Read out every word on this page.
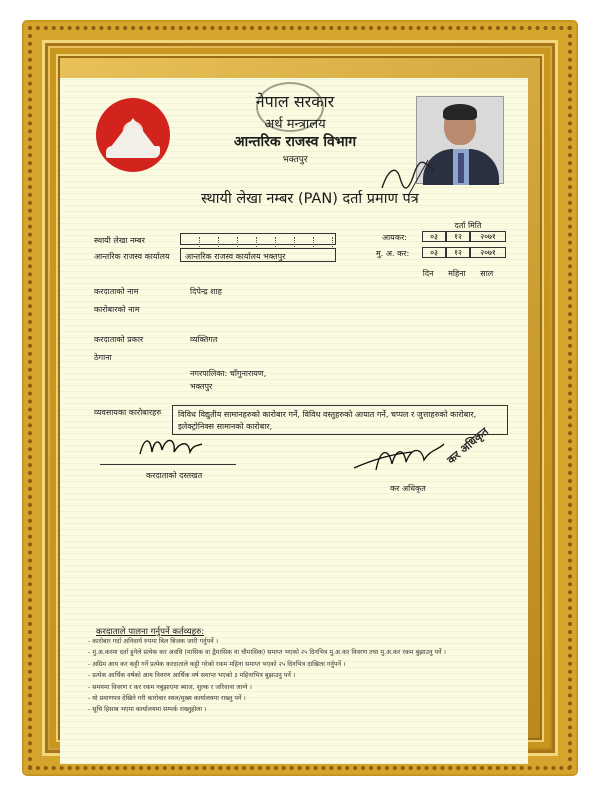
नेपाल सरकार
अर्थ मन्त्रालय
आन्तरिक राजस्व विभाग
भक्तपुर
स्थायी लेखा नम्बर (PAN) दर्ता प्रमाण पत्र
स्थायी लेखा नम्बर
आन्तरिक राजस्व कार्यालय	आन्तरिक राजस्व कार्यालय भक्तपुर
दर्ता मिति
आयकर:	०३	१२	२०७१
मु. अ. कर:	०३	१२	२०७१
दिन महिना साल
करदाताको नाम	दिपेन्द्र शाह
कारोबारको नाम
करदाताको प्रकार	व्यक्तिगत
ठेगाना
नगरपालिका: चाँगुनारायण,
भक्तपुर
व्यवसायका कारोबारहरु	विविध विद्युतीय सामानहरुको कारोबार गर्ने, विविध वस्तुहरुको आयात गर्ने, चप्पल र जुत्ताहरुको कारोबार, इलेक्ट्रोनिक्स सामानको कारोबार,
करदाताको दस्तखत
कर अधिकृत
कर अधिकृत
करदाताले पालना गर्नुपर्ने कर्तव्यहरु:
- कारोबार गर्दा अनिवार्य रुपमा बिल बिजक जारी गर्नुपर्ने ।
- मु.अ.करमा दर्ता हुनेले प्रत्येक कर अवधि (मासिक वा द्वैमासिक वा चौमासिक) समाप्त भएको २५ दिनभित्र मु.अ.कर विवरण तथा मु.अ.कर रकम बुझाउनु पर्ने ।
- अग्रिम आय कर कट्टी गर्ने प्रत्येक करदाताले कट्टी गरेको रकम महिना समाप्त भएको २५ दिनभित्र दाखिला गर्नुपर्ने ।
- प्रत्येक आर्थिक वर्षको आय विवरण आर्थिक वर्ष समाप्त भएको ३ महिनाभित्र बुझाउनु पर्ने ।
- समयमा विवरण र कर रकम नबुझाएमा ब्याज, शुल्क र जरिवाना लाग्ने ।
- यो प्रमाणपत्र देखिने गरी कारोबार स्थल/मुख्य कार्यालयमा राख्नु पर्ने ।
- सूचि हिसाब भएमा कार्यालयमा सम्पर्क राख्नुहोला ।
